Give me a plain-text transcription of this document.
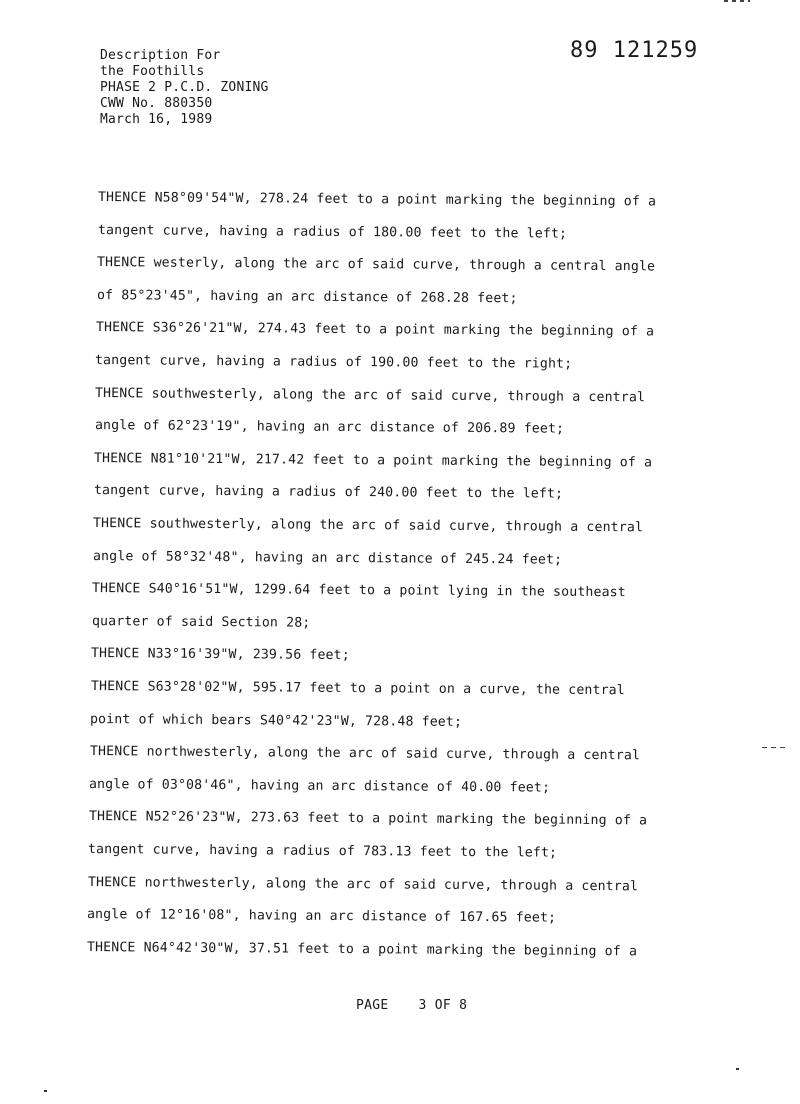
Description For
the Foothills
PHASE 2 P.C.D. ZONING
CWW No. 880350
March 16, 1989
89 121259
THENCE N58°09'54"W, 278.24 feet to a point marking the beginning of a
tangent curve, having a radius of 180.00 feet to the left;
THENCE westerly, along the arc of said curve, through a central angle
of 85°23'45", having an arc distance of 268.28 feet;
THENCE S36°26'21"W, 274.43 feet to a point marking the beginning of a
tangent curve, having a radius of 190.00 feet to the right;
THENCE southwesterly, along the arc of said curve, through a central
angle of 62°23'19", having an arc distance of 206.89 feet;
THENCE N81°10'21"W, 217.42 feet to a point marking the beginning of a
tangent curve, having a radius of 240.00 feet to the left;
THENCE southwesterly, along the arc of said curve, through a central
angle of 58°32'48", having an arc distance of 245.24 feet;
THENCE S40°16'51"W, 1299.64 feet to a point lying in the southeast
quarter of said Section 28;
THENCE N33°16'39"W, 239.56 feet;
THENCE S63°28'02"W, 595.17 feet to a point on a curve, the central
point of which bears S40°42'23"W, 728.48 feet;
THENCE northwesterly, along the arc of said curve, through a central
angle of 03°08'46", having an arc distance of 40.00 feet;
THENCE N52°26'23"W, 273.63 feet to a point marking the beginning of a
tangent curve, having a radius of 783.13 feet to the left;
THENCE northwesterly, along the arc of said curve, through a central
angle of 12°16'08", having an arc distance of 167.65 feet;
THENCE N64°42'30"W, 37.51 feet to a point marking the beginning of a
PAGE 3 OF 8
